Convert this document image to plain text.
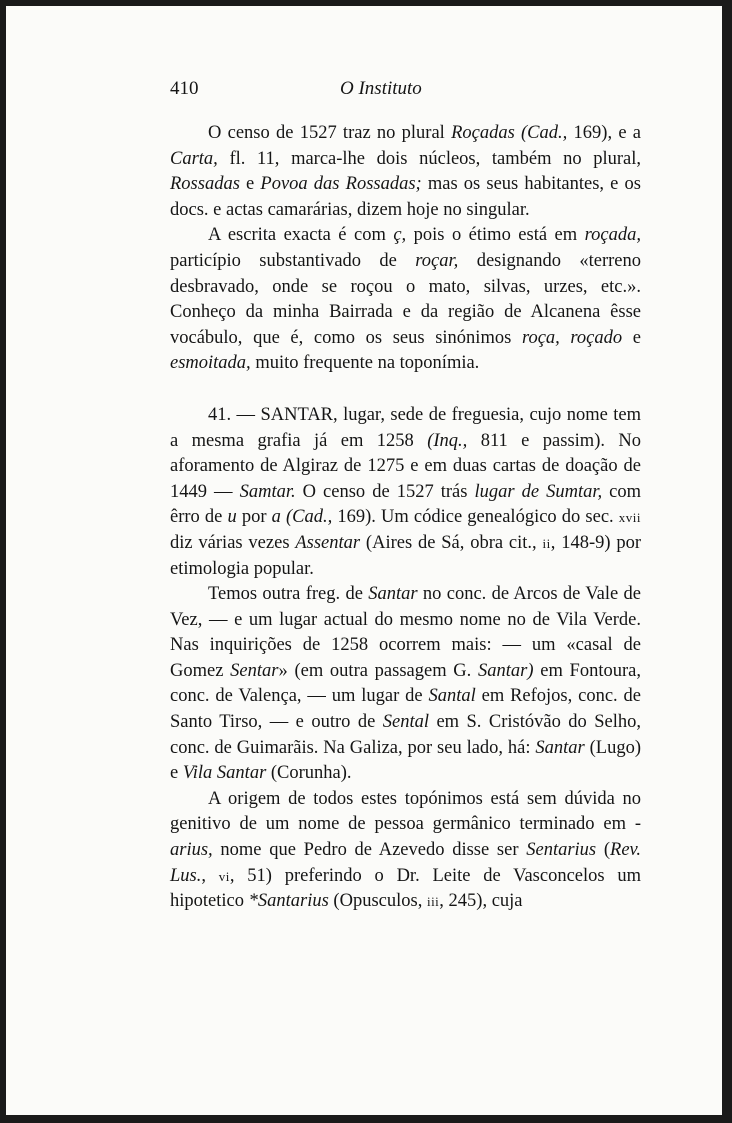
410	O Instituto

O censo de 1527 traz no plural Roçadas (Cad., 169), e a Carta, fl. 11, marca-lhe dois núcleos, também no plural, Rossadas e Povoa das Rossadas; mas os seus habitantes, e os docs. e actas camarárias, dizem hoje no singular.

A escrita exacta é com ç, pois o étimo está em roçada, particípio substantivado de roçar, designando «terreno desbravado, onde se roçou o mato, silvas, urzes, etc.». Conheço da minha Bairrada e da região de Alcanena êsse vocábulo, que é, como os seus sinónimos roça, roçado e esmoitada, muito frequente na toponímia.

41. — SANTAR, lugar, sede de freguesia, cujo nome tem a mesma grafia já em 1258 (Inq., 811 e passim). No aforamento de Algiraz de 1275 e em duas cartas de doação de 1449 — Samtar. O censo de 1527 trás lugar de Sumtar, com êrro de u por a (Cad., 169). Um códice genealógico do sec. xvii diz várias vezes Assentar (Aires de Sá, obra cit., ii, 148-9) por etimologia popular.

Temos outra freg. de Santar no conc. de Arcos de Vale de Vez, — e um lugar actual do mesmo nome no de Vila Verde. Nas inquirições de 1258 ocorrem mais: — um «casal de Gomez Sentar» (em outra passagem G. Santar) em Fontoura, conc. de Valença, — um lugar de Santal em Refojos, conc. de Santo Tirso, — e outro de Sental em S. Cristóvão do Selho, conc. de Guimarãis. Na Galiza, por seu lado, há: Santar (Lugo) e Vila Santar (Corunha).

A origem de todos estes topónimos está sem dúvida no genitivo de um nome de pessoa germânico terminado em -arius, nome que Pedro de Azevedo disse ser Sentarius (Rev. Lus., vi, 51) preferindo o Dr. Leite de Vasconcelos um hipotetico *Santarius (Opusculos, iii, 245), cuja
